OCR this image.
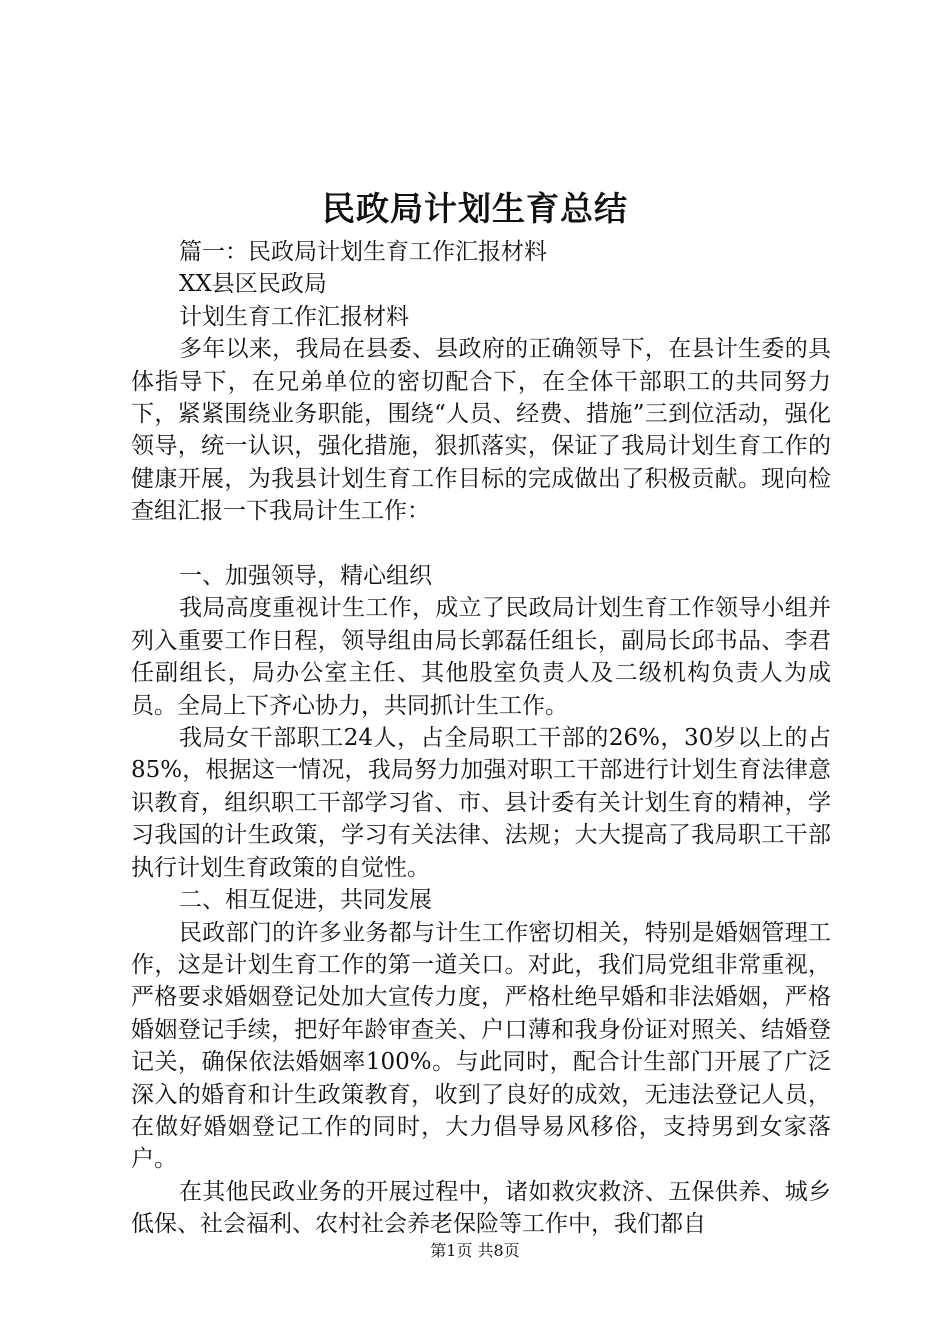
民政局计划生育总结

篇一：民政局计划生育工作汇报材料

XX县区民政局

计划生育工作汇报材料

多年以来，我局在县委、县政府的正确领导下，在县计生委的具体指导下，在兄弟单位的密切配合下，在全体干部职工的共同努力下，紧紧围绕业务职能，围绕“人员、经费、措施”三到位活动，强化领导，统一认识，强化措施，狠抓落实，保证了我局计划生育工作的健康开展，为我县计划生育工作目标的完成做出了积极贡献。现向检查组汇报一下我局计生工作：

一、加强领导，精心组织

我局高度重视计生工作，成立了民政局计划生育工作领导小组并列入重要工作日程，领导组由局长郭磊任组长，副局长邱书品、李君任副组长，局办公室主任、其他股室负责人及二级机构负责人为成员。全局上下齐心协力，共同抓计生工作。

我局女干部职工24人，占全局职工干部的26%，30岁以上的占85%，根据这一情况，我局努力加强对职工干部进行计划生育法律意识教育，组织职工干部学习省、市、县计委有关计划生育的精神，学习我国的计生政策，学习有关法律、法规；大大提高了我局职工干部执行计划生育政策的自觉性。

二、相互促进，共同发展

民政部门的许多业务都与计生工作密切相关，特别是婚姻管理工作，这是计划生育工作的第一道关口。对此，我们局党组非常重视，严格要求婚姻登记处加大宣传力度，严格杜绝早婚和非法婚姻，严格婚姻登记手续，把好年龄审查关、户口薄和我身份证对照关、结婚登记关，确保依法婚姻率100%。与此同时，配合计生部门开展了广泛深入的婚育和计生政策教育，收到了良好的成效，无违法登记人员，在做好婚姻登记工作的同时，大力倡导易风移俗，支持男到女家落户。

在其他民政业务的开展过程中，诸如救灾救济、五保供养、城乡低保、社会福利、农村社会养老保险等工作中，我们都自

第1页 共8页
